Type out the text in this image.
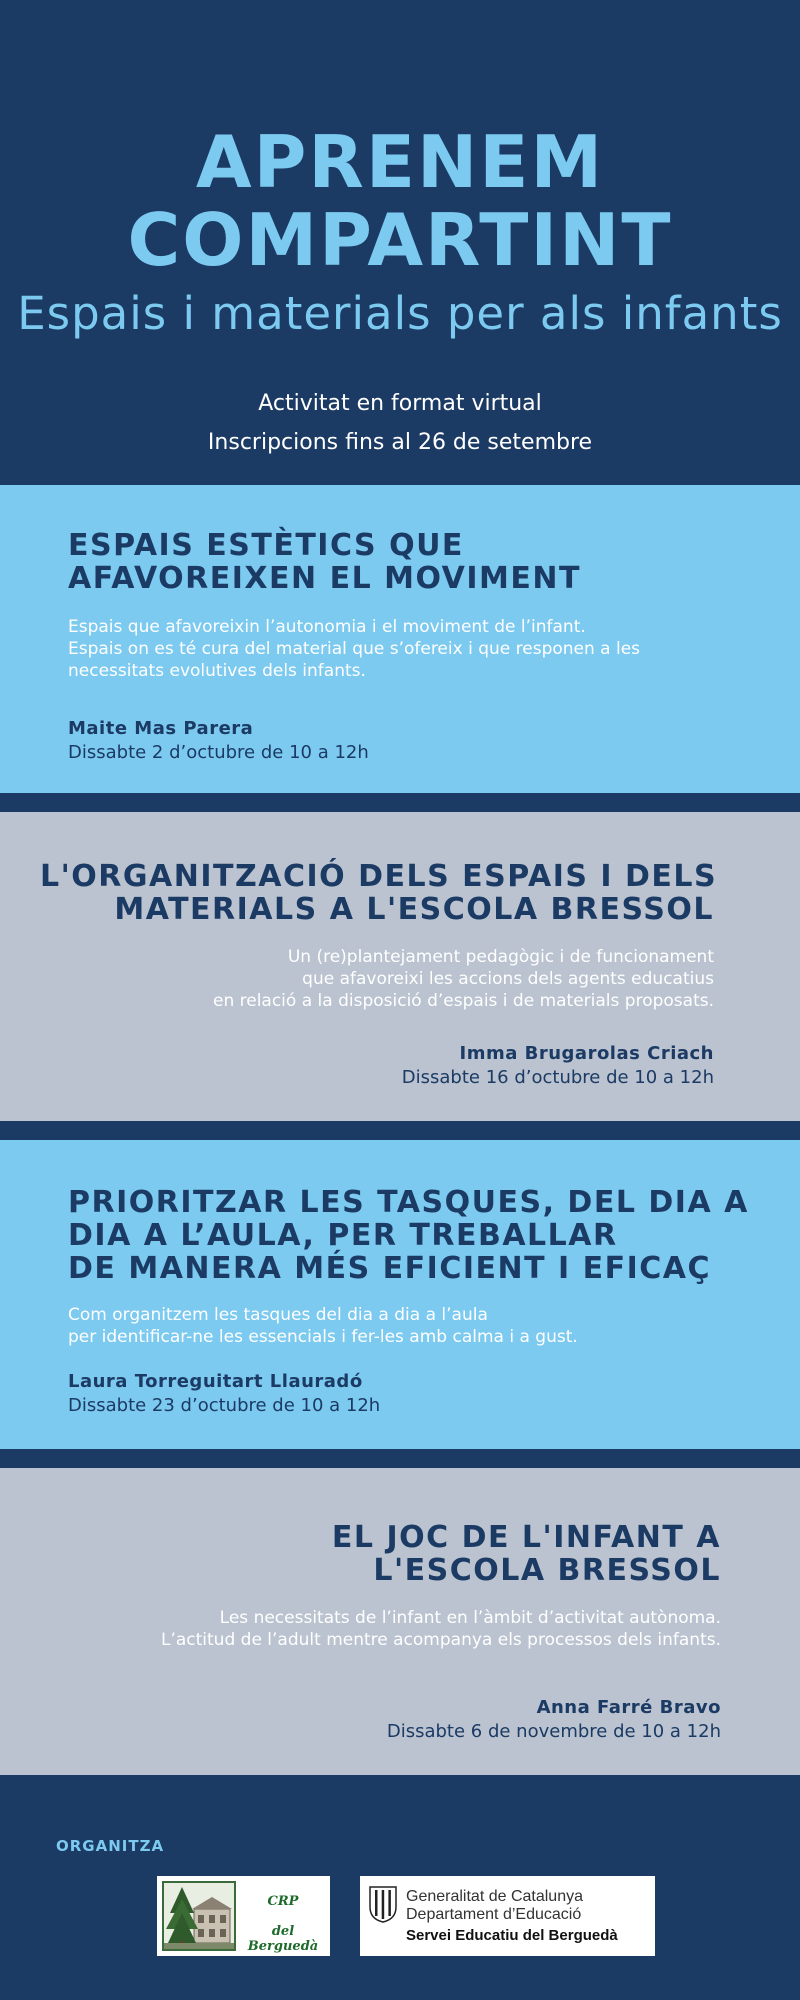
APRENEM
COMPARTINT
Espais i materials per als infants
Activitat en format virtual
Inscripcions fins al 26 de setembre
ESPAIS ESTÈTICS QUE
AFAVOREIXEN EL MOVIMENT
Espais que afavoreixin l’autonomia i el moviment de l’infant.
Espais on es té cura del material que s’ofereix i que responen a les
necessitats evolutives dels infants.
Maite Mas Parera
Dissabte 2 d’octubre de 10 a 12h
L'ORGANITZACIÓ DELS ESPAIS I DELS
MATERIALS A L'ESCOLA BRESSOL
Un (re)plantejament pedagògic i de funcionament
que afavoreixi les accions dels agents educatius
en relació a la disposició d’espais i de materials proposats.
Imma Brugarolas Criach
Dissabte 16 d’octubre de 10 a 12h
PRIORITZAR LES TASQUES, DEL DIA A
DIA A L’AULA, PER TREBALLAR
DE MANERA MÉS EFICIENT I EFICAÇ
Com organitzem les tasques del dia a dia a l’aula
per identificar-ne les essencials i fer-les amb calma i a gust.
Laura Torreguitart Llauradó
Dissabte 23 d’octubre de 10 a 12h
EL JOC DE L'INFANT A
L'ESCOLA BRESSOL
Les necessitats de l’infant en l’àmbit d’activitat autònoma.
L’actitud de l’adult mentre acompanya els processos dels infants.
Anna Farré Bravo
Dissabte 6 de novembre de 10 a 12h
ORGANITZA
CRP
del Berguedà
Generalitat de Catalunya
Departament d’Educació
Servei Educatiu del Berguedà
